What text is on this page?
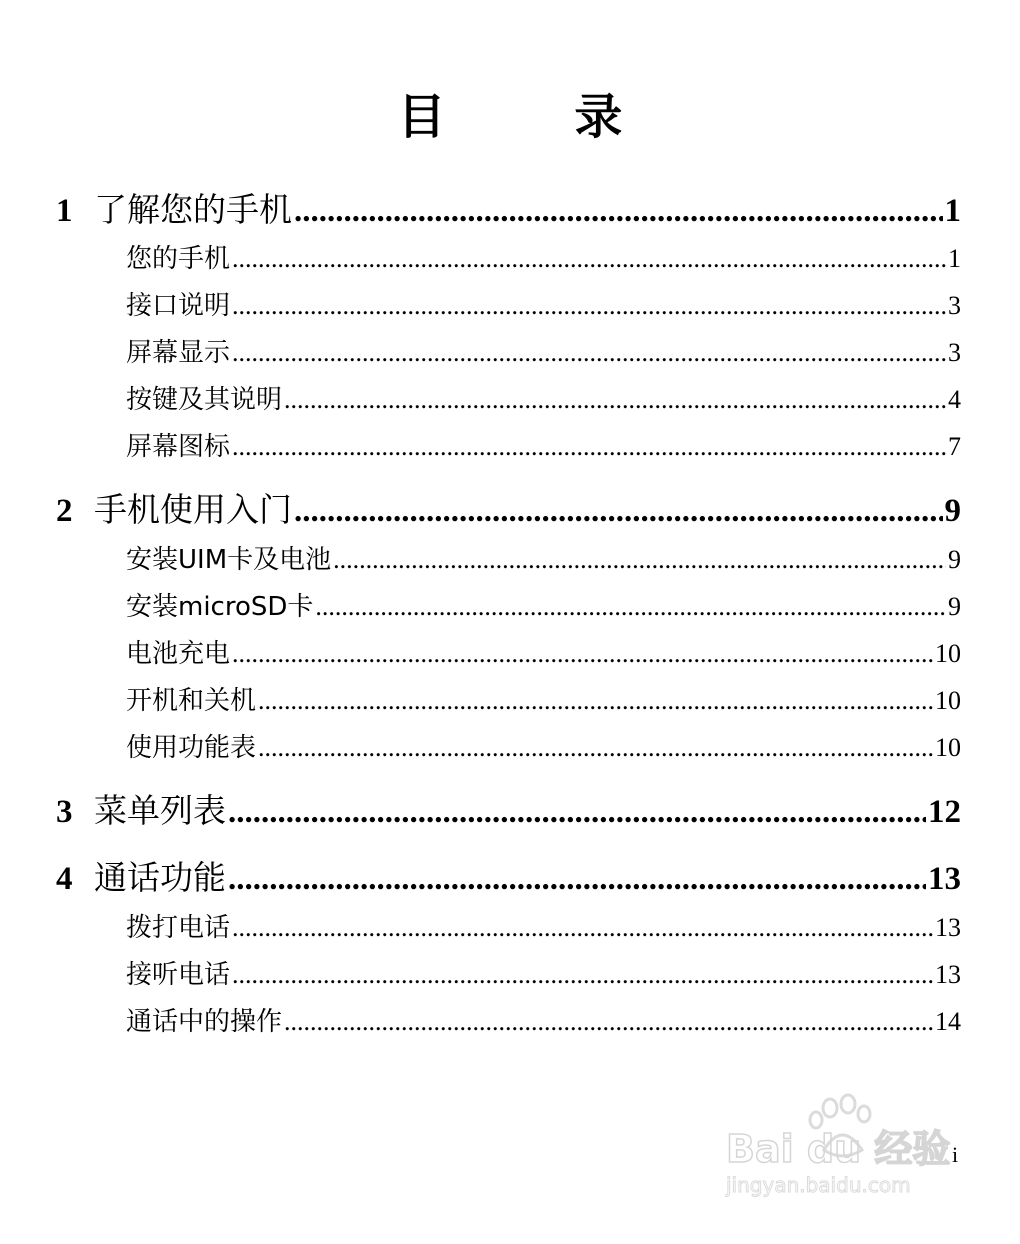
目 录
1 了解您的手机 .....	1
您的手机 .....	1
接口说明 .....	3
屏幕显示 .....	3
按键及其说明 .....	4
屏幕图标 .....	7
2 手机使用入门 .....	9
安装UIM卡及电池 .....	9
安装microSD卡 .....	9
电池充电 .....	10
开机和关机 .....	10
使用功能表 .....	10
3 菜单列表 .....	12
4 通话功能 .....	13
拨打电话 .....	13
接听电话 .....	13
通话中的操作 .....	14
Bai du 经验
jingyan.baidu.com
i
